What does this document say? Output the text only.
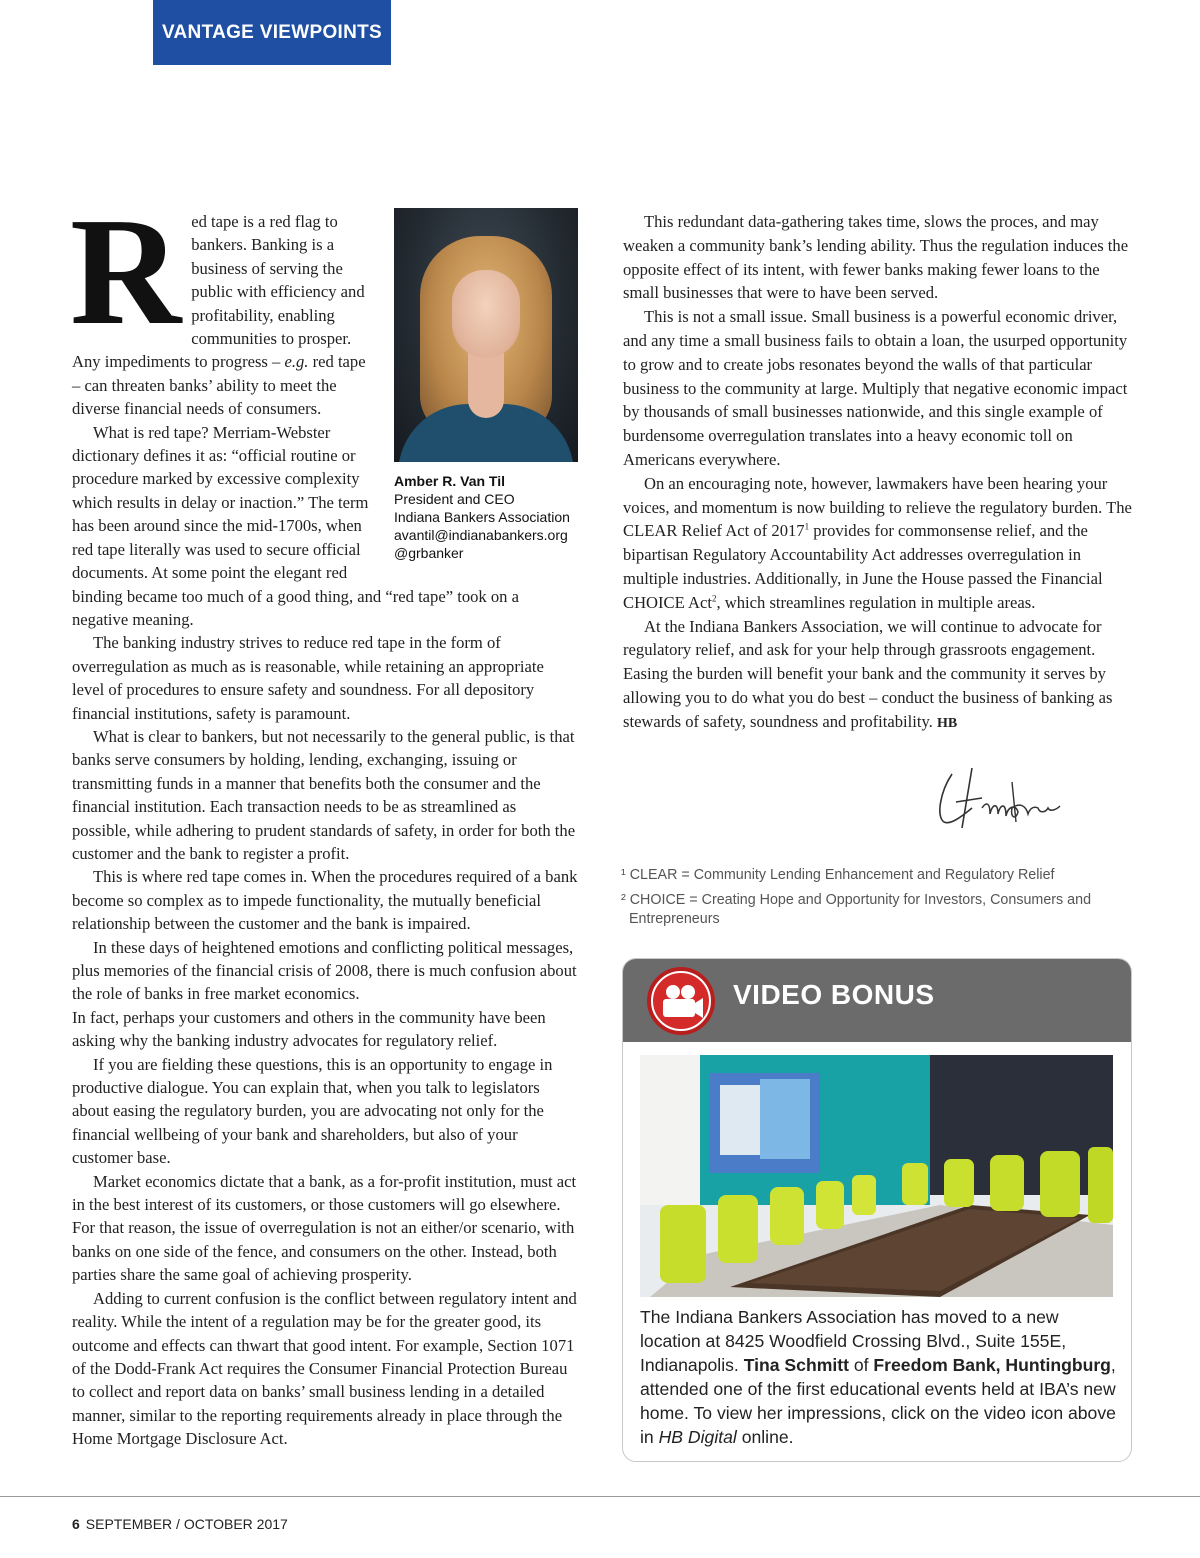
VANTAGE VIEWPOINTS
R
Amber R. Van Til
President and CEO
Indiana Bankers Association
avantil@indianabankers.org
@grbanker

ed tape is a red flag to bankers. Banking is a business of serving the public with efficiency and profitability, enabling communities to prosper. Any impediments to progress – e.g. red tape – can threaten banks’ ability to meet the diverse financial needs of consumers.

What is red tape? Merriam-Webster dictionary defines it as: “official routine or procedure marked by excessive complexity which results in delay or inaction.” The term has been around since the mid-1700s, when red tape literally was used to secure official documents. At some point the elegant red binding became too much of a good thing, and “red tape” took on a negative meaning.

The banking industry strives to reduce red tape in the form of overregulation as much as is reasonable, while retaining an appropriate level of procedures to ensure safety and soundness. For all depository financial institutions, safety is paramount.

What is clear to bankers, but not necessarily to the general public, is that banks serve consumers by holding, lending, exchanging, issuing or transmitting funds in a manner that benefits both the consumer and the financial institution. Each transaction needs to be as streamlined as possible, while adhering to prudent standards of safety, in order for both the customer and the bank to register a profit.

This is where red tape comes in. When the procedures required of a bank become so complex as to impede functionality, the mutually beneficial relationship between the customer and the bank is impaired.

In these days of heightened emotions and conflicting political messages, plus memories of the financial crisis of 2008, there is much confusion about the role of banks in free market economics.

In fact, perhaps your customers and others in the community have been asking why the banking industry advocates for regulatory relief.

If you are fielding these questions, this is an opportunity to engage in productive dialogue. You can explain that, when you talk to legislators about easing the regulatory burden, you are advocating not only for the financial wellbeing of your bank and shareholders, but also of your customer base.

Market economics dictate that a bank, as a for-profit institution, must act in the best interest of its customers, or those customers will go elsewhere. For that reason, the issue of overregulation is not an either/or scenario, with banks on one side of the fence, and consumers on the other. Instead, both parties share the same goal of achieving prosperity.

Adding to current confusion is the conflict between regulatory intent and reality. While the intent of a regulation may be for the greater good, its outcome and effects can thwart that good intent. For example, Section 1071 of the Dodd-Frank Act requires the Consumer Financial Protection Bureau to collect and report data on banks’ small business lending in a detailed manner, similar to the reporting requirements already in place through the Home Mortgage Disclosure Act.

This redundant data-gathering takes time, slows the proces, and may weaken a community bank’s lending ability. Thus the regulation induces the opposite effect of its intent, with fewer banks making fewer loans to the small businesses that were to have been served.

This is not a small issue. Small business is a powerful economic driver, and any time a small business fails to obtain a loan, the usurped opportunity to grow and to create jobs resonates beyond the walls of that particular business to the community at large. Multiply that negative economic impact by thousands of small businesses nationwide, and this single example of burdensome overregulation translates into a heavy economic toll on Americans everywhere.

On an encouraging note, however, lawmakers have been hearing your voices, and momentum is now building to relieve the regulatory burden. The CLEAR Relief Act of 2017$^1$ provides for commonsense relief, and the bipartisan Regulatory Accountability Act addresses overregulation in multiple industries. Additionally, in June the House passed the Financial CHOICE Act$^2$, which streamlines regulation in multiple areas.

At the Indiana Bankers Association, we will continue to advocate for regulatory relief, and ask for your help through grassroots engagement. Easing the burden will benefit your bank and the community it serves by allowing you to do what you do best – conduct the business of banking as stewards of safety, soundness and profitability. HB

¹ CLEAR = Community Lending Enhancement and Regulatory Relief
² CHOICE = Creating Hope and Opportunity for Investors, Consumers and Entrepreneurs
VIDEO BONUS
The Indiana Bankers Association has moved to a new location at 8425 Woodfield Crossing Blvd., Suite 155E, Indianapolis. Tina Schmitt of Freedom Bank, Huntingburg, attended one of the first educational events held at IBA’s new home. To view her impressions, click on the video icon above in HB Digital online.
6 SEPTEMBER / OCTOBER 2017
